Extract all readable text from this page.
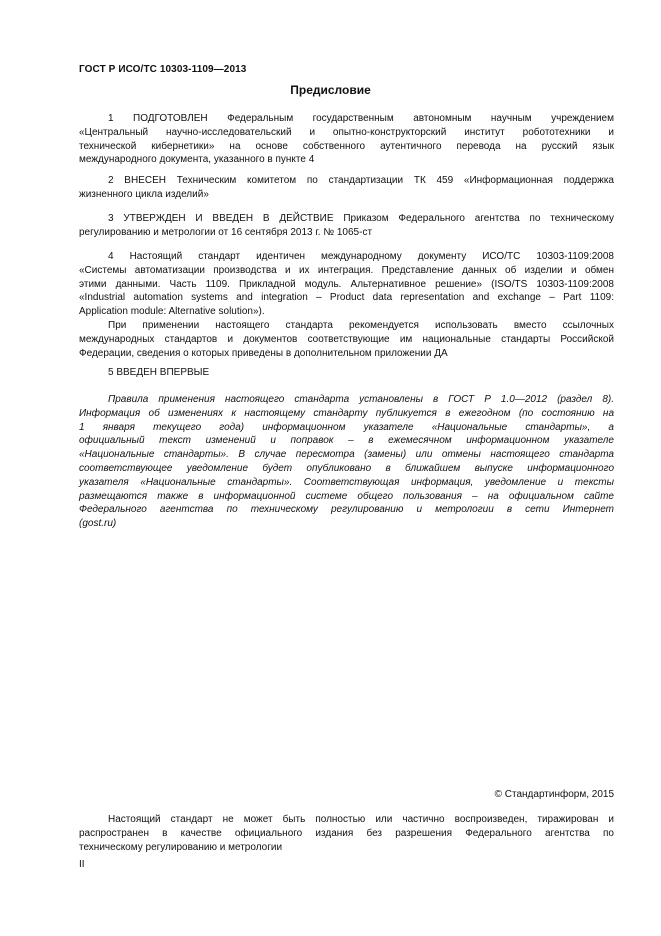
ГОСТ Р ИСО/ТС 10303-1109—2013
Предисловие
1 ПОДГОТОВЛЕН Федеральным государственным автономным научным учреждением
«Центральный научно-исследовательский и опытно-конструкторский институт робототехники и
технической кибернетики» на основе собственного аутентичного перевода на русский язык
международного документа, указанного в пункте 4
2 ВНЕСЕН Техническим комитетом по стандартизации ТК 459 «Информационная поддержка
жизненного цикла изделий»
3 УТВЕРЖДЕН И ВВЕДЕН В ДЕЙСТВИЕ Приказом Федерального агентства по техническому
регулированию и метрологии от 16 сентября 2013 г. № 1065-ст
4 Настоящий стандарт идентичен международному документу ИСО/ТС 10303-1109:2008
«Системы автоматизации производства и их интеграция. Представление данных об изделии и обмен
этими данными. Часть 1109. Прикладной модуль. Альтернативное решение» (ISO/TS 10303-1109:2008
«Industrial automation systems and integration – Product data representation and exchange – Part 1109:
Application module: Alternative solution»).
При применении настоящего стандарта рекомендуется использовать вместо ссылочных
международных стандартов и документов соответствующие им национальные стандарты Российской
Федерации, сведения о которых приведены в дополнительном приложении ДА
5 ВВЕДЕН ВПЕРВЫЕ
Правила применения настоящего стандарта установлены в ГОСТ Р 1.0—2012 (раздел 8).
Информация об изменениях к настоящему стандарту публикуется в ежегодном (по состоянию на
1 января текущего года) информационном указателе «Национальные стандарты», а
официальный текст изменений и поправок – в ежемесячном информационном указателе
«Национальные стандарты». В случае пересмотра (замены) или отмены настоящего стандарта
соответствующее уведомление будет опубликовано в ближайшем выпуске информационного
указателя «Национальные стандарты». Соответствующая информация, уведомление и тексты
размещаются также в информационной системе общего пользования – на официальном сайте
Федерального агентства по техническому регулированию и метрологии в сети Интернет
(gost.ru)
© Стандартинформ, 2015
Настоящий стандарт не может быть полностью или частично воспроизведен, тиражирован и
распространен в качестве официального издания без разрешения Федерального агентства по
техническому регулированию и метрологии
II
